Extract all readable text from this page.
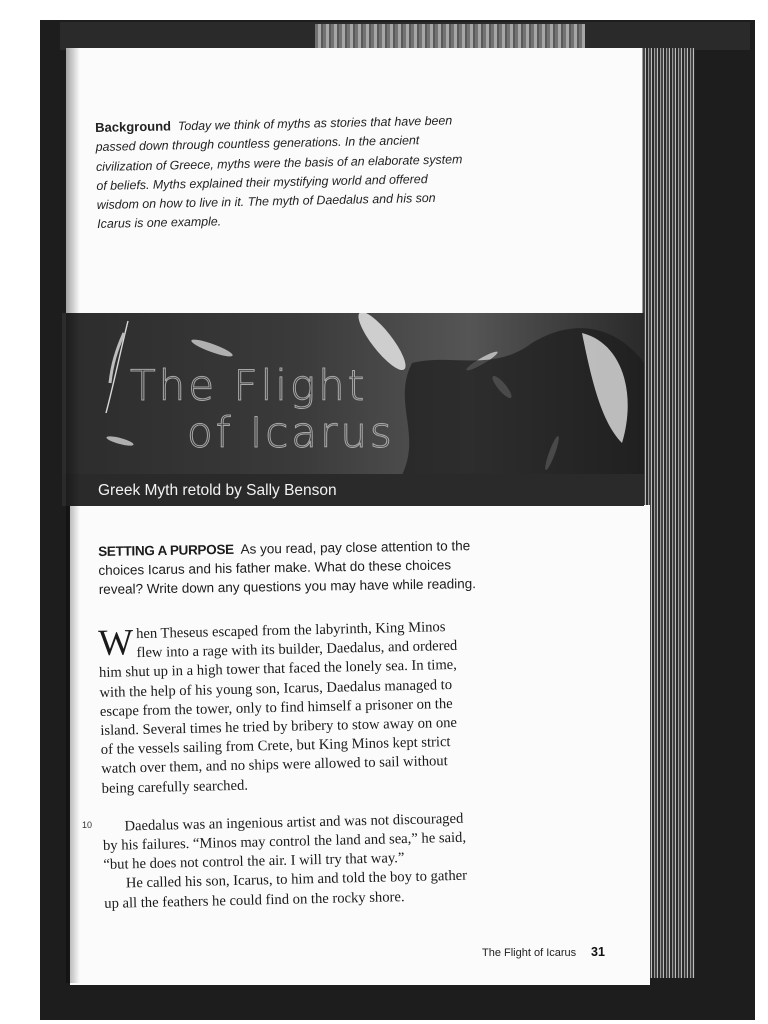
Background Today we think of myths as stories that have been passed down through countless generations. In the ancient civilization of Greece, myths were the basis of an elaborate system of beliefs. Myths explained their mystifying world and offered wisdom on how to live in it. The myth of Daedalus and his son Icarus is one example.
The Flight
of Icarus
Greek Myth retold by Sally Benson
SETTING A PURPOSE As you read, pay close attention to the choices Icarus and his father make. What do these choices reveal? Write down any questions you may have while reading.

When Theseus escaped from the labyrinth, King Minos flew into a rage with its builder, Daedalus, and ordered him shut up in a high tower that faced the lonely sea. In time, with the help of his young son, Icarus, Daedalus managed to escape from the tower, only to find himself a prisoner on the island. Several times he tried by bribery to stow away on one of the vessels sailing from Crete, but King Minos kept strict watch over them, and no ships were allowed to sail without being carefully searched.

Daedalus was an ingenious artist and was not discouraged by his failures. “Minos may control the land and sea,” he said, “but he does not control the air. I will try that way.”

He called his son, Icarus, to him and told the boy to gather up all the feathers he could find on the rocky shore.

10
The Flight of Icarus 31
